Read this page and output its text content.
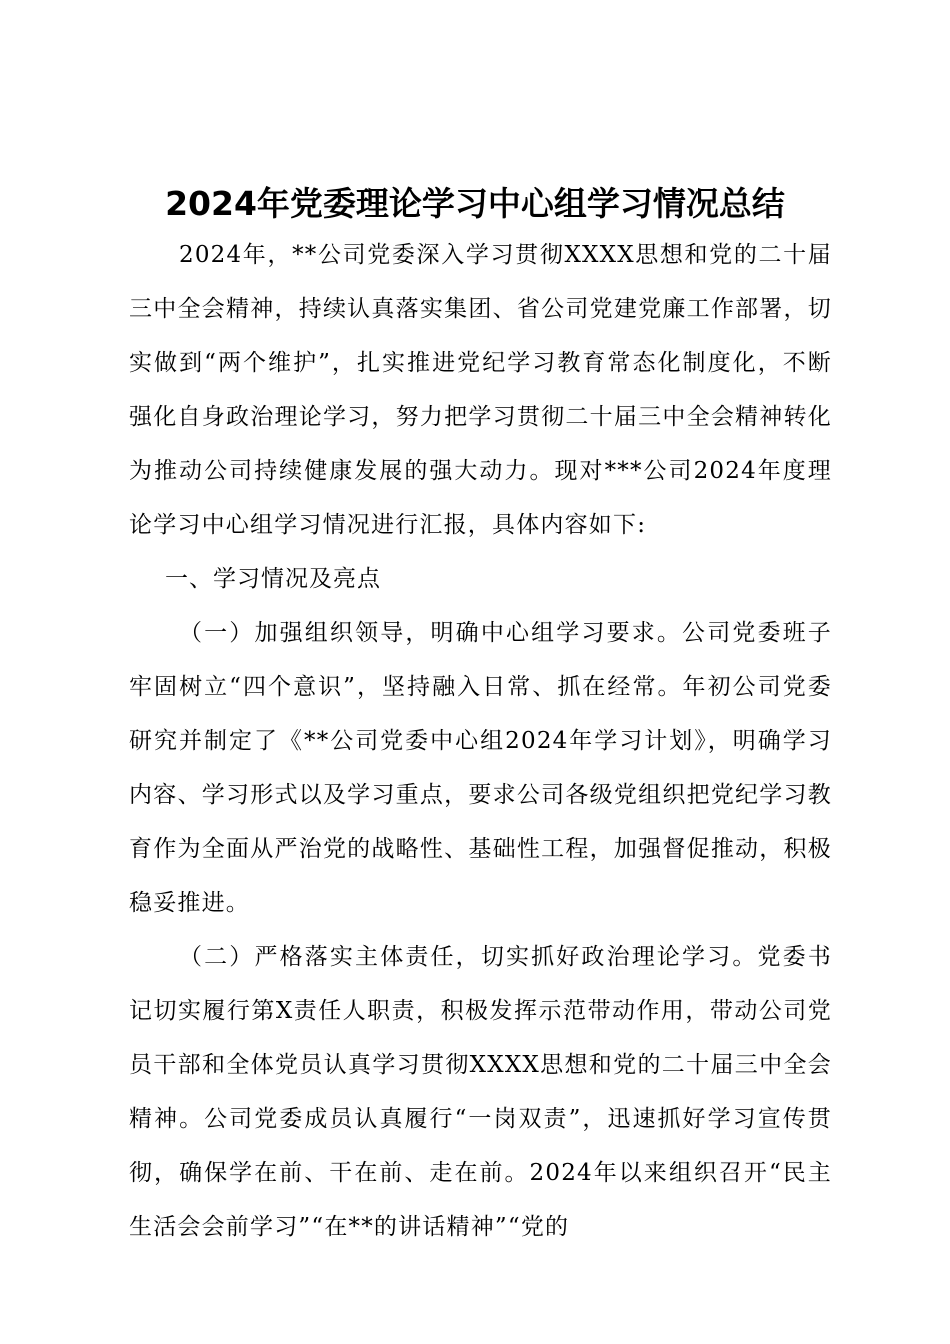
2024年党委理论学习中心组学习情况总结

2024年，**公司党委深入学习贯彻XXXX思想和党的二十届三中全会精神，持续认真落实集团、省公司党建党廉工作部署，切实做到“两个维护”，扎实推进党纪学习教育常态化制度化，不断强化自身政治理论学习，努力把学习贯彻二十届三中全会精神转化为推动公司持续健康发展的强大动力。现对***公司2024年度理论学习中心组学习情况进行汇报，具体内容如下:

一、学习情况及亮点

（一）加强组织领导，明确中心组学习要求。公司党委班子牢固树立“四个意识”，坚持融入日常、抓在经常。年初公司党委研究并制定了《**公司党委中心组2024年学习计划》，明确学习内容、学习形式以及学习重点，要求公司各级党组织把党纪学习教育作为全面从严治党的战略性、基础性工程，加强督促推动，积极稳妥推进。

（二）严格落实主体责任，切实抓好政治理论学习。党委书记切实履行第X责任人职责，积极发挥示范带动作用，带动公司党员干部和全体党员认真学习贯彻XXXX思想和党的二十届三中全会精神。公司党委成员认真履行“一岗双责”，迅速抓好学习宣传贯彻，确保学在前、干在前、走在前。2024年以来组织召开“民主生活会会前学习”“在**的讲话精神”“党的
